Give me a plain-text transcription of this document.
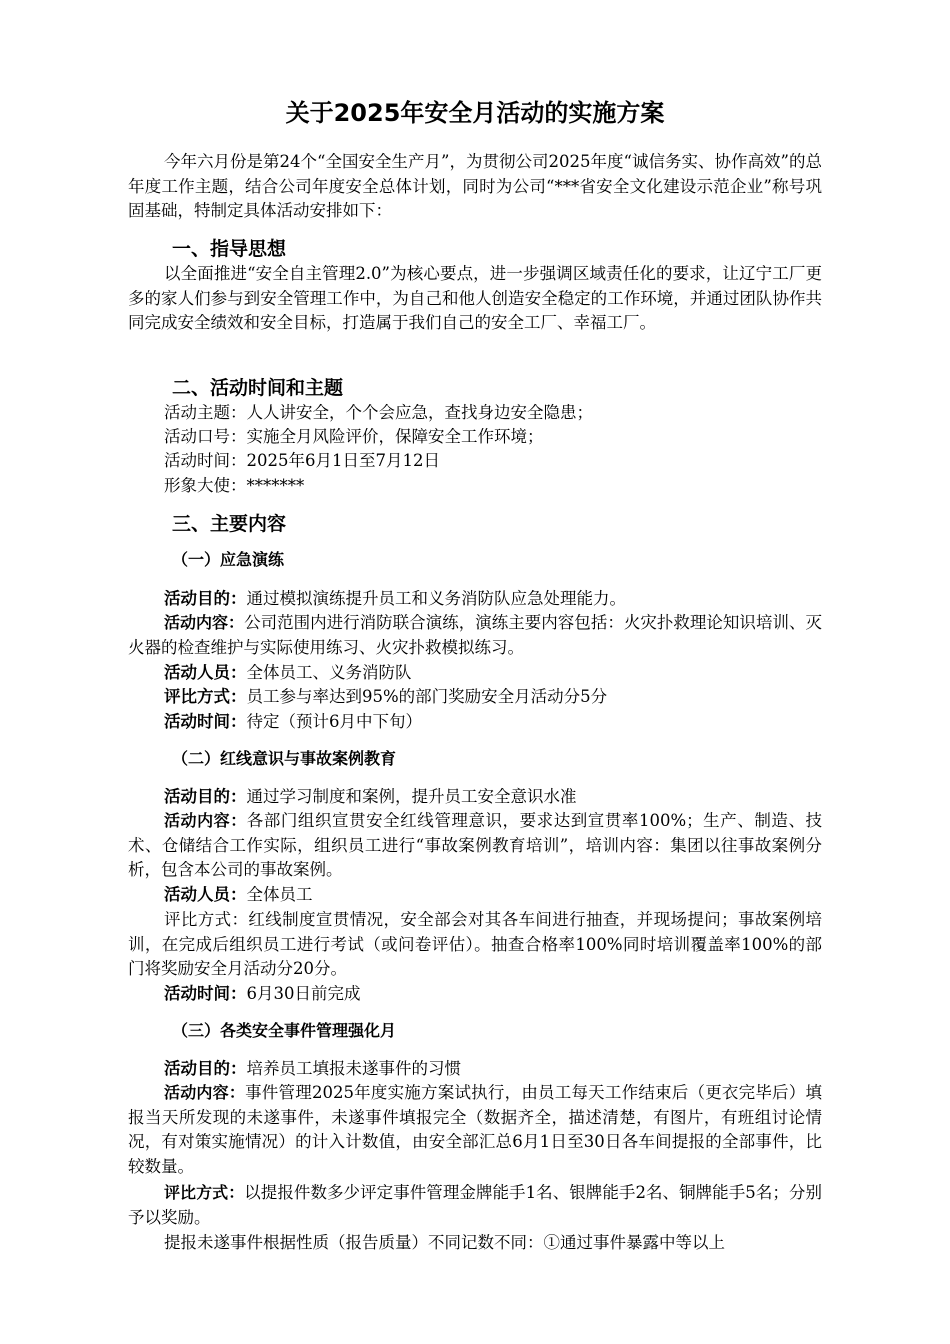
关于2025年安全月活动的实施方案
今年六月份是第24个“全国安全生产月”，为贯彻公司2025年度“诚信务实、协作高效”的总年度工作主题，结合公司年度安全总体计划，同时为公司“***省安全文化建设示范企业”称号巩固基础，特制定具体活动安排如下：
一、指导思想
以全面推进“安全自主管理2.0”为核心要点，进一步强调区域责任化的要求，让辽宁工厂更多的家人们参与到安全管理工作中，为自己和他人创造安全稳定的工作环境，并通过团队协作共同完成安全绩效和安全目标，打造属于我们自己的安全工厂、幸福工厂。
二、活动时间和主题
活动主题：人人讲安全，个个会应急，查找身边安全隐患；
活动口号：实施全月风险评价，保障安全工作环境；
活动时间：2025年6月1日至7月12日
形象大使：*******
三、主要内容
（一）应急演练
活动目的：通过模拟演练提升员工和义务消防队应急处理能力。
活动内容：公司范围内进行消防联合演练，演练主要内容包括：火灾扑救理论知识培训、灭火器的检查维护与实际使用练习、火灾扑救模拟练习。
活动人员：全体员工、义务消防队
评比方式：员工参与率达到95%的部门奖励安全月活动分5分
活动时间：待定（预计6月中下旬）
（二）红线意识与事故案例教育
活动目的：通过学习制度和案例，提升员工安全意识水准
活动内容：各部门组织宣贯安全红线管理意识，要求达到宣贯率100%；生产、制造、技术、仓储结合工作实际，组织员工进行“事故案例教育培训”，培训内容：集团以往事故案例分析，包含本公司的事故案例。
活动人员：全体员工
评比方式：红线制度宣贯情况，安全部会对其各车间进行抽查，并现场提问；事故案例培训，在完成后组织员工进行考试（或问卷评估）。抽查合格率100%同时培训覆盖率100%的部门将奖励安全月活动分20分。
活动时间：6月30日前完成
（三）各类安全事件管理强化月
活动目的：培养员工填报未遂事件的习惯
活动内容：事件管理2025年度实施方案试执行，由员工每天工作结束后（更衣完毕后）填报当天所发现的未遂事件，未遂事件填报完全（数据齐全，描述清楚，有图片，有班组讨论情况，有对策实施情况）的计入计数值，由安全部汇总6月1日至30日各车间提报的全部事件，比较数量。
评比方式：以提报件数多少评定事件管理金牌能手1名、银牌能手2名、铜牌能手5名；分别予以奖励。
提报未遂事件根据性质（报告质量）不同记数不同：①通过事件暴露中等以上
